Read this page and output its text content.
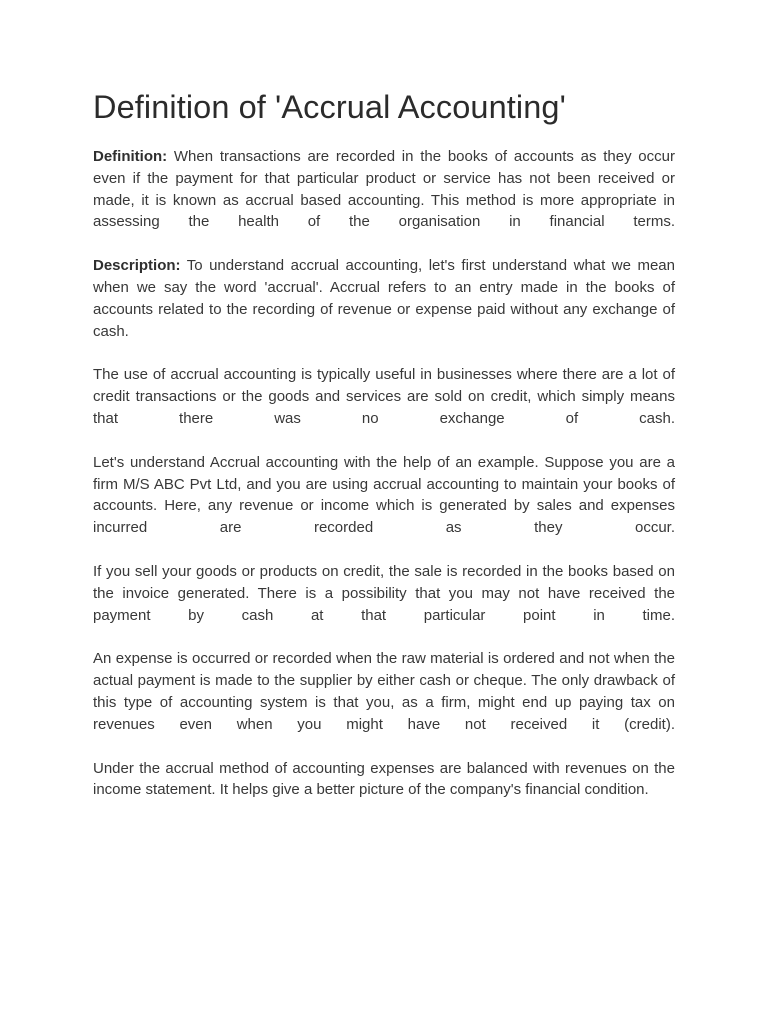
Definition of 'Accrual Accounting'

Definition: When transactions are recorded in the books of accounts as they occur even if the payment for that particular product or service has not been received or made, it is known as accrual based accounting. This method is more appropriate in assessing the health of the organisation in financial terms.

Description: To understand accrual accounting, let's first understand what we mean when we say the word 'accrual'. Accrual refers to an entry made in the books of accounts related to the recording of revenue or expense paid without any exchange of cash.

The use of accrual accounting is typically useful in businesses where there are a lot of credit transactions or the goods and services are sold on credit, which simply means that there was no exchange of cash.

Let's understand Accrual accounting with the help of an example. Suppose you are a firm M/S ABC Pvt Ltd, and you are using accrual accounting to maintain your books of accounts. Here, any revenue or income which is generated by sales and expenses incurred are recorded as they occur.

If you sell your goods or products on credit, the sale is recorded in the books based on the invoice generated. There is a possibility that you may not have received the payment by cash at that particular point in time.

An expense is occurred or recorded when the raw material is ordered and not when the actual payment is made to the supplier by either cash or cheque. The only drawback of this type of accounting system is that you, as a firm, might end up paying tax on revenues even when you might have not received it (credit).

Under the accrual method of accounting expenses are balanced with revenues on the income statement. It helps give a better picture of the company's financial condition.
